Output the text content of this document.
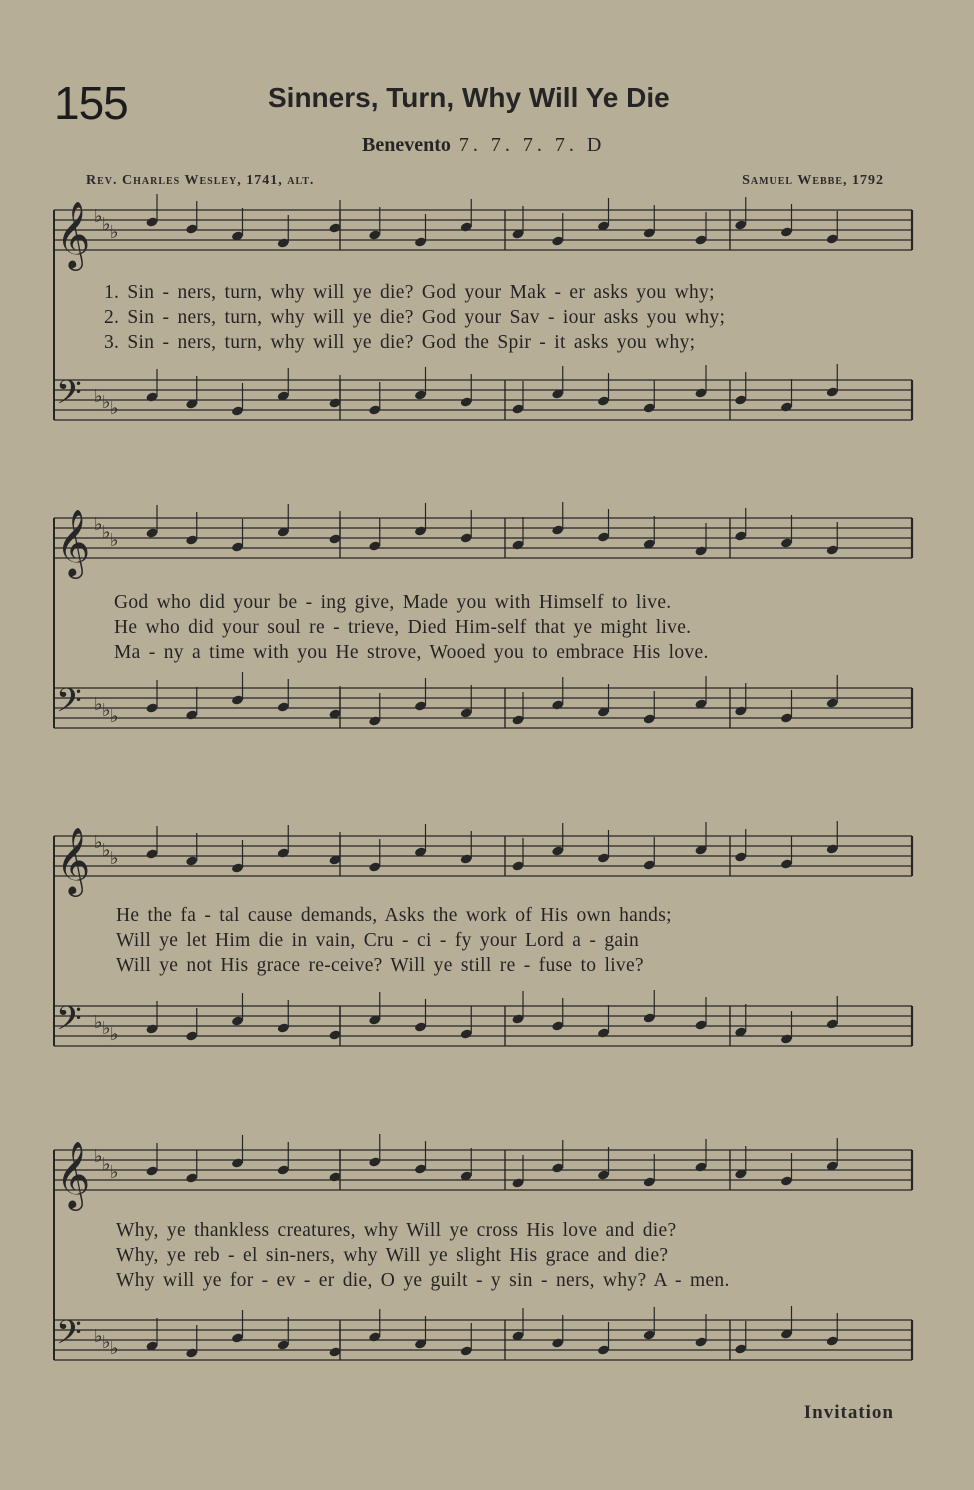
155	Sinners, Turn, Why Will Ye Die
Benevento 7. 7. 7. 7. D
Rev. Charles Wesley, 1741, alt.	Samuel Webbe, 1792
𝄞 ♭ ♭ ♭
𝄢 ♭ ♭ ♭
1. Sin - ners, turn, why will ye die? God your Mak - er asks you why;
2. Sin - ners, turn, why will ye die? God your Sav - iour asks you why;
3. Sin - ners, turn, why will ye die? God the Spir - it asks you why;
𝄞 ♭ ♭ ♭
𝄢 ♭ ♭ ♭
God who did your be - ing give, Made you with Himself to live.
He who did your soul re - trieve, Died Him-self that ye might live.
Ma - ny a time with you He strove, Wooed you to embrace His love.
𝄞 ♭ ♭ ♭
𝄢 ♭ ♭ ♭
He the fa - tal cause demands, Asks the work of His own hands;
Will ye let Him die in vain, Cru - ci - fy your Lord a - gain
Will ye not His grace re-ceive? Will ye still re - fuse to live?
𝄞 ♭ ♭ ♭
𝄢 ♭ ♭ ♭
Why, ye thankless creatures, why Will ye cross His love and die?
Why, ye reb - el sin-ners, why Will ye slight His grace and die?
Why will ye for - ev - er die, O ye guilt - y sin - ners, why? A - men.
Invitation
